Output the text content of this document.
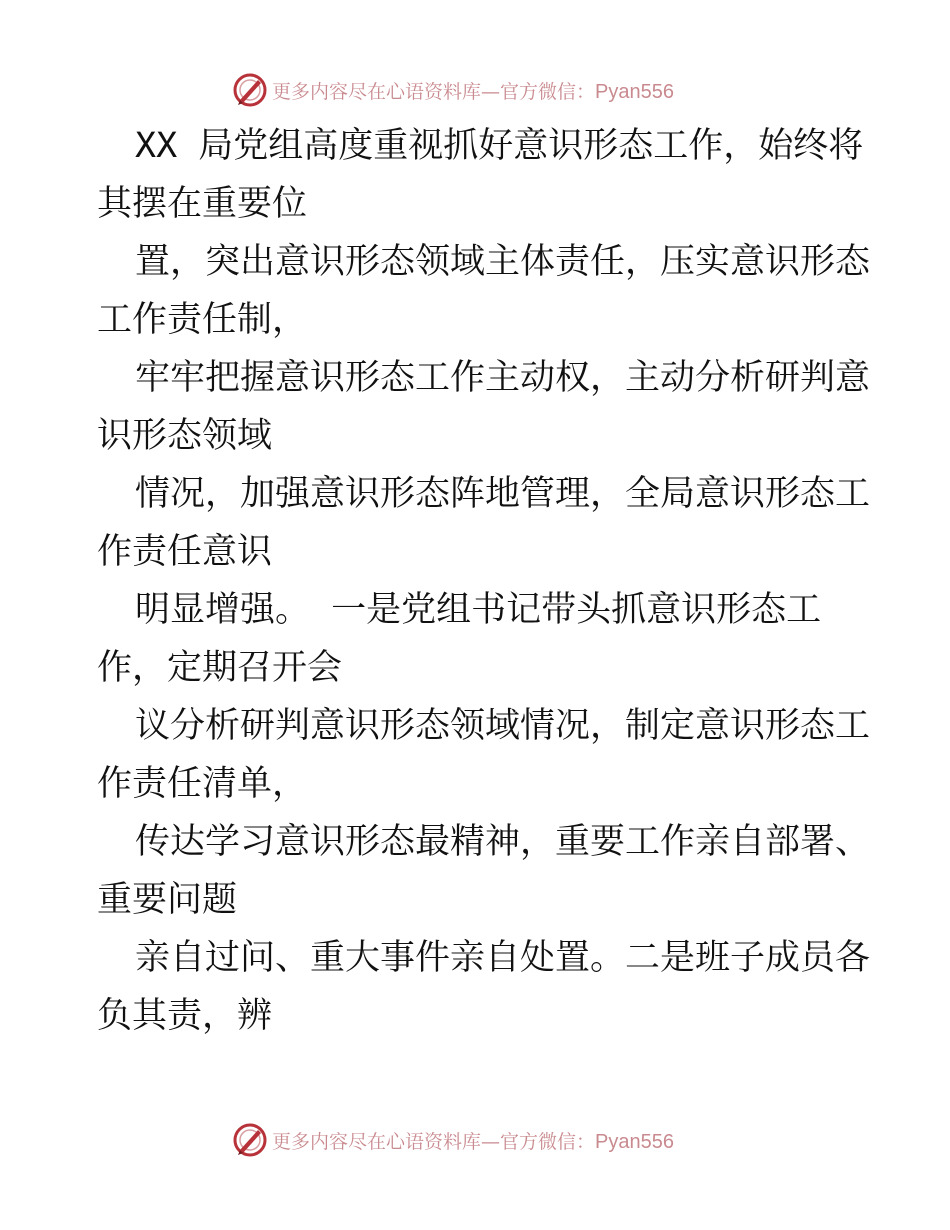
更多内容尽在心语资料库—官方微信：Pyan556
XX 局党组高度重视抓好意识形态工作，始终将
其摆在重要位
置，突出意识形态领域主体责任，压实意识形态
工作责任制，
牢牢把握意识形态工作主动权，主动分析研判意
识形态领域
情况，加强意识形态阵地管理，全局意识形态工
作责任意识
明显增强。 一是党组书记带头抓意识形态工
作，定期召开会
议分析研判意识形态领域情况，制定意识形态工
作责任清单，
传达学习意识形态最精神，重要工作亲自部署、
重要问题
亲自过问、重大事件亲自处置。二是班子成员各
负其责，辨
更多内容尽在心语资料库—官方微信：Pyan556
